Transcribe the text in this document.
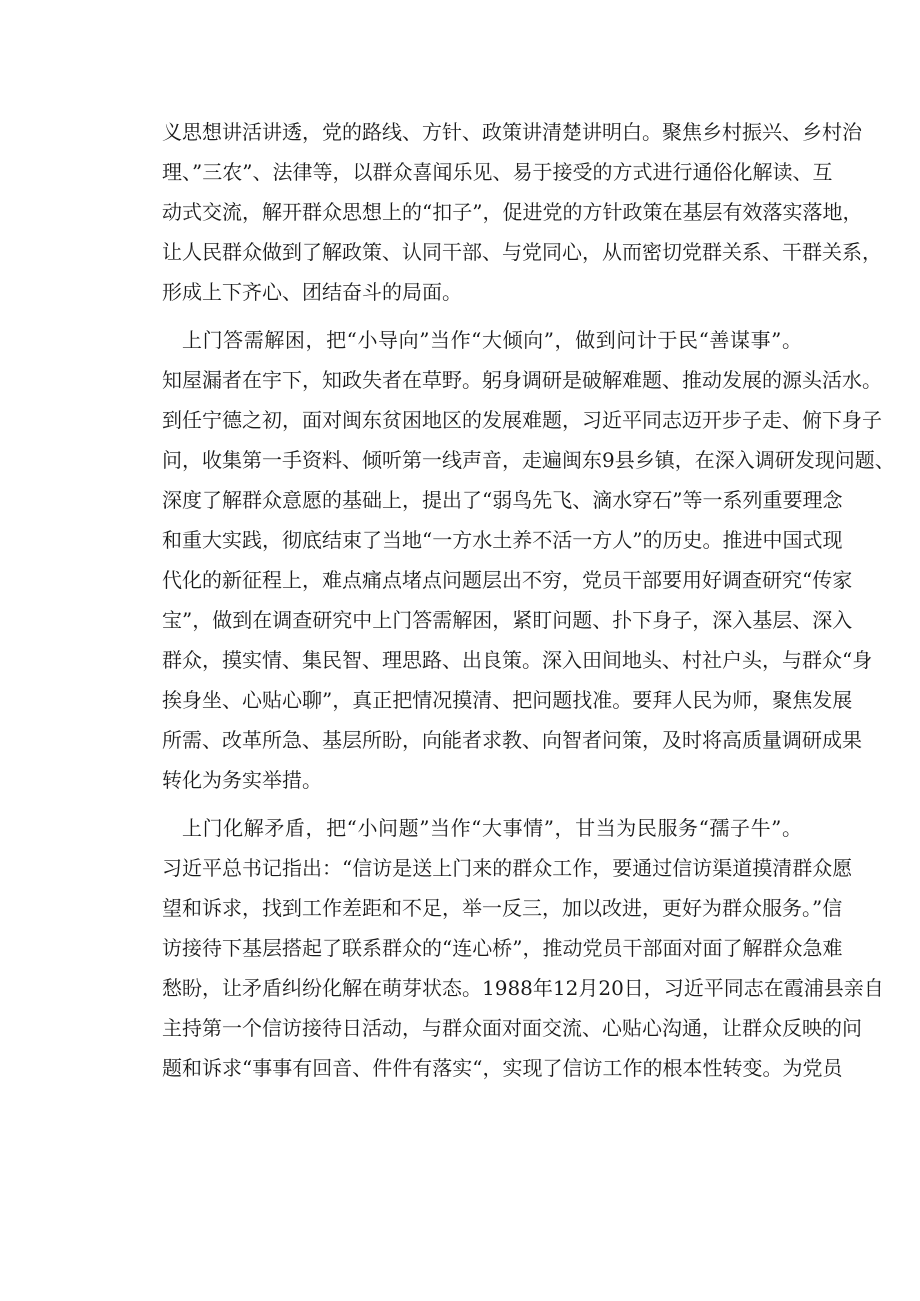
义思想讲活讲透，党的路线、方针、政策讲清楚讲明白。聚焦乡村振兴、乡村治
理、”三农”、法律等，以群众喜闻乐见、易于接受的方式进行通俗化解读、互
动式交流，解开群众思想上的“扣子”，促进党的方针政策在基层有效落实落地，
让人民群众做到了解政策、认同干部、与党同心，从而密切党群关系、干群关系，
形成上下齐心、团结奋斗的局面。
上门答需解困，把“小导向”当作“大倾向”，做到问计于民“善谋事”。
知屋漏者在宇下，知政失者在草野。躬身调研是破解难题、推动发展的源头活水。
到任宁德之初，面对闽东贫困地区的发展难题，习近平同志迈开步子走、俯下身子
问，收集第一手资料、倾听第一线声音，走遍闽东9县乡镇，在深入调研发现问题、
深度了解群众意愿的基础上，提出了“弱鸟先飞、滴水穿石”等一系列重要理念
和重大实践，彻底结束了当地“一方水土养不活一方人”的历史。推进中国式现
代化的新征程上，难点痛点堵点问题层出不穷，党员干部要用好调查研究“传家
宝”，做到在调查研究中上门答需解困，紧盯问题、扑下身子，深入基层、深入
群众，摸实情、集民智、理思路、出良策。深入田间地头、村社户头，与群众“身
挨身坐、心贴心聊”，真正把情况摸清、把问题找准。要拜人民为师，聚焦发展
所需、改革所急、基层所盼，向能者求教、向智者问策，及时将高质量调研成果
转化为务实举措。
上门化解矛盾，把“小问题”当作“大事情”，甘当为民服务“孺子牛”。
习近平总书记指出：“信访是送上门来的群众工作，要通过信访渠道摸清群众愿
望和诉求，找到工作差距和不足，举一反三，加以改进，更好为群众服务。”信
访接待下基层搭起了联系群众的“连心桥”，推动党员干部面对面了解群众急难
愁盼，让矛盾纠纷化解在萌芽状态。1988年12月20日，习近平同志在霞浦县亲自
主持第一个信访接待日活动，与群众面对面交流、心贴心沟通，让群众反映的问
题和诉求“事事有回音、件件有落实“，实现了信访工作的根本性转变。为党员
